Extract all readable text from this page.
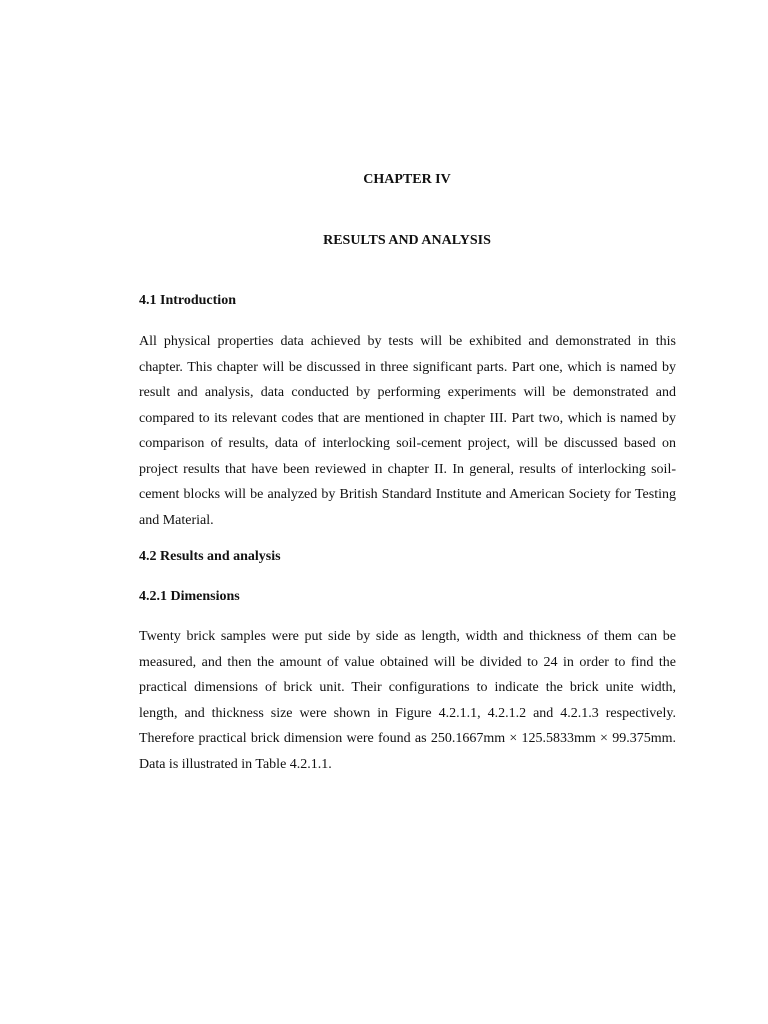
CHAPTER IV
RESULTS AND ANALYSIS
4.1 Introduction

All physical properties data achieved by tests will be exhibited and demonstrated in this chapter. This chapter will be discussed in three significant parts. Part one, which is named by result and analysis, data conducted by performing experiments will be demonstrated and compared to its relevant codes that are mentioned in chapter III. Part two, which is named by comparison of results, data of interlocking soil-cement project, will be discussed based on project results that have been reviewed in chapter II. In general, results of interlocking soil-cement blocks will be analyzed by British Standard Institute and American Society for Testing and Material.

4.2 Results and analysis
4.2.1 Dimensions

Twenty brick samples were put side by side as length, width and thickness of them can be measured, and then the amount of value obtained will be divided to 24 in order to find the practical dimensions of brick unit. Their configurations to indicate the brick unite width, length, and thickness size were shown in Figure 4.2.1.1, 4.2.1.2 and 4.2.1.3 respectively. Therefore practical brick dimension were found as 250.1667mm × 125.5833mm × 99.375mm. Data is illustrated in Table 4.2.1.1.
